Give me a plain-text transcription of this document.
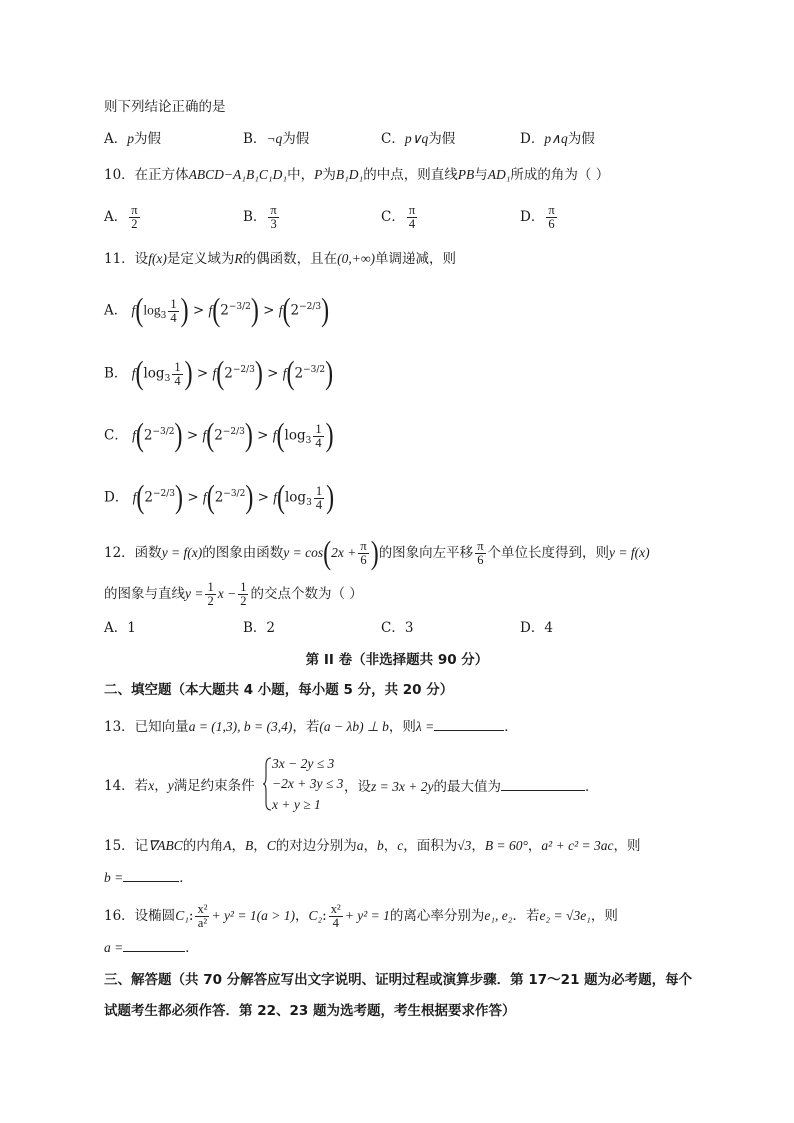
则下列结论正确的是
A．p为假	B．¬q为假	C．p∨q为假	D．p∧q为假
10．在正方体ABCD−A₁B₁C₁D₁中，P为B₁D₁的中点，则直线PB与AD₁所成的角为（ ）
A． $\frac{\pi}{2}$	B． $\frac{\pi}{3}$	C． $\frac{\pi}{4}$	D． $\frac{\pi}{6}$
11．设f(x)是定义域为R的偶函数，且在(0,+∞)单调递减，则
A． $f(\log_3 \frac{1}{4}$ ) > $f(2^{-3/2}) > f(2^{-2/3})$
B． $f(\log_3 \frac{1}{4}$ ) > $f(2^{-2/3}) > f(2^{-3/2})$
C． $f(2^{-3/2}) > f(2^{-2/3}) > f(\log_3 \frac{1}{4}$ )
D． $f(2^{-2/3}) > f(2^{-3/2}) > f(\log_3 \frac{1}{4}$ )
12．函数y = f(x)的图象由函数$y = \cos(2x + \frac{\pi}{6}$ )的图象向左平移 $\frac{\pi}{6}$ 个单位长度得到，则y = f(x)
的图象与直线$y = \frac{1}{2}$ $x - \frac{1}{2}$ 的交点个数为（ ）
A．1	B．2	C．3	D．4
第 II 卷（非选择题共 90 分）
二、填空题（本大题共 4 小题，每小题 5 分，共 20 分）
13．已知向量a = (1,3), b = (3,4)，若(a − λb) ⊥ b，则λ =	．
3x − 2y ≤ 3
−2x + 3y ≤ 3
x + y ≥ 1
14．若x，y满足约束条件	，设z = 3x + 2y的最大值为	．
15．记∇ABC的内角A，B，C的对边分别为a，b，c，面积为√3，B = 60°，a² + c² = 3ac，则
b =	．
16．设椭圆C₁: $\frac{\text{x²}}{\text{a²}} + y^2 = 1(a > 1)$，C₂: $\frac{\text{x²}}{4} + y^2 = 1$的离心率分别为e₁, e₂．若e₂ = √3e₁，则
a =	．
三、解答题（共 70 分解答应写出文字说明、证明过程或演算步骤．第 17～21 题为必考题，每个
试题考生都必须作答．第 22、23 题为选考题，考生根据要求作答）
